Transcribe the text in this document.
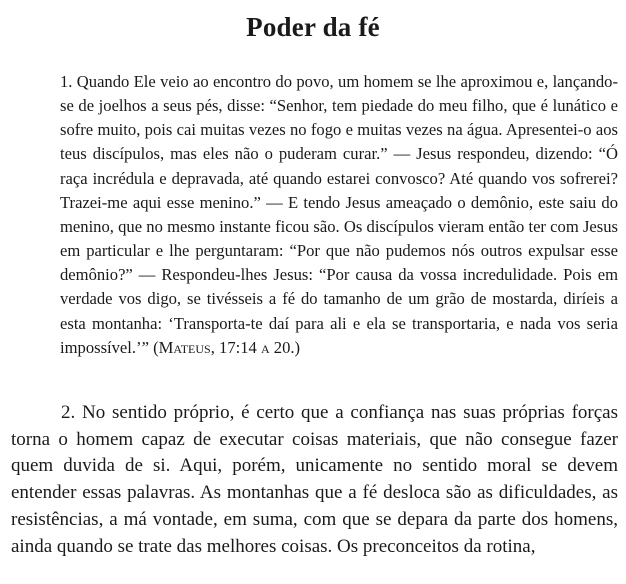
Poder da fé

1. Quando Ele veio ao encontro do povo, um homem se lhe aproximou e, lançando-se de joelhos a seus pés, disse: “Senhor, tem piedade do meu filho, que é lunático e sofre muito, pois cai muitas vezes no fogo e muitas vezes na água. Apresentei-o aos teus discípulos, mas eles não o puderam curar.” — Jesus respondeu, dizendo: “Ó raça incrédula e depravada, até quando estarei convosco? Até quando vos sofrerei? Trazei-me aqui esse menino.” — E tendo Jesus ameaçado o demônio, este saiu do menino, que no mesmo instante ficou são. Os discípulos vieram então ter com Jesus em particular e lhe perguntaram: “Por que não pudemos nós outros expulsar esse demônio?” — Respondeu-lhes Jesus: “Por causa da vossa incredulidade. Pois em verdade vos digo, se tivésseis a fé do tamanho de um grão de mostarda, diríeis a esta montanha: ‘Transporta-te daí para ali e ela se transportaria, e nada vos seria impossível.’” (Mateus, 17:14 a 20.)

2. No sentido próprio, é certo que a confiança nas suas próprias forças torna o homem capaz de executar coisas materiais, que não consegue fazer quem duvida de si. Aqui, porém, unicamente no sentido moral se devem entender essas palavras. As montanhas que a fé desloca são as dificuldades, as resistências, a má vontade, em suma, com que se depara da parte dos homens, ainda quando se trate das melhores coisas. Os preconceitos da rotina,
